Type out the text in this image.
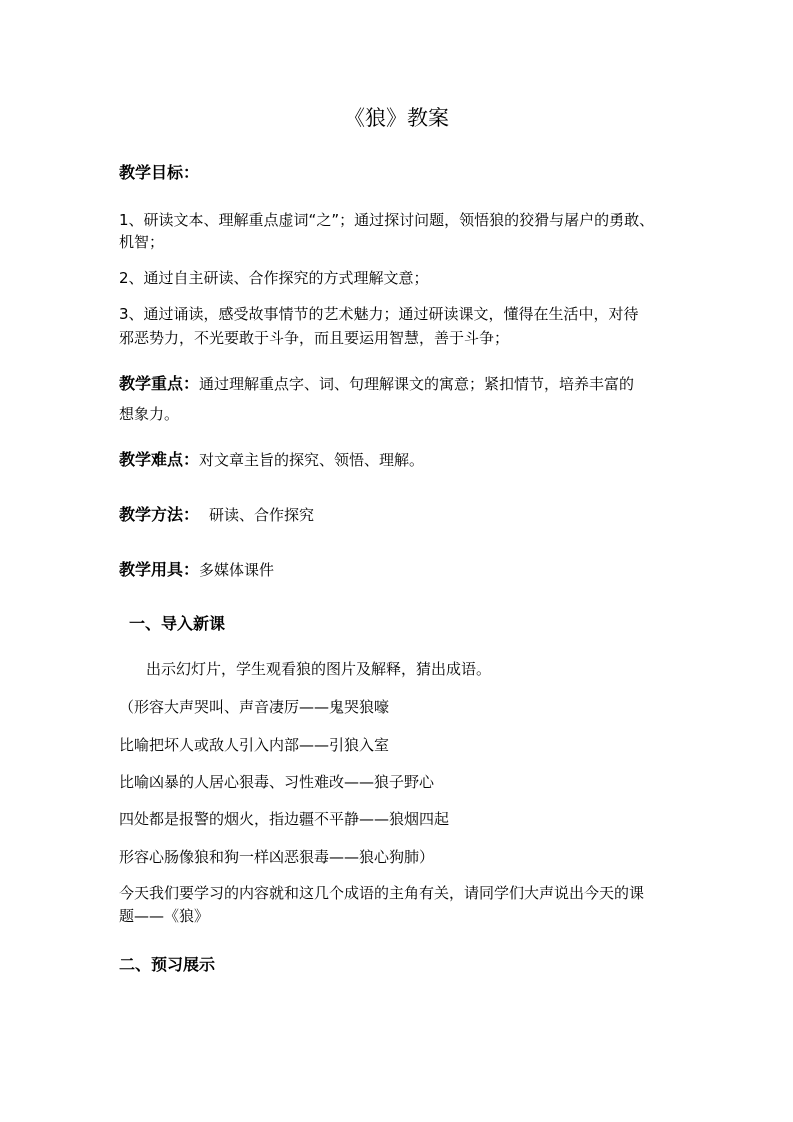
《狼》教案
教学目标：
1、研读文本、理解重点虚词“之”；通过探讨问题，领悟狼的狡猾与屠户的勇敢、
机智；
2、通过自主研读、合作探究的方式理解文意；
3、通过诵读，感受故事情节的艺术魅力；通过研读课文，懂得在生活中，对待
邪恶势力，不光要敢于斗争，而且要运用智慧，善于斗争；
教学重点：通过理解重点字、词、句理解课文的寓意；紧扣情节，培养丰富的
想象力。
教学难点：对文章主旨的探究、领悟、理解。
教学方法： 研读、合作探究
教学用具：多媒体课件
一、导入新课
出示幻灯片，学生观看狼的图片及解释，猜出成语。
（形容大声哭叫、声音凄厉——鬼哭狼嚎
比喻把坏人或敌人引入内部——引狼入室
比喻凶暴的人居心狠毒、习性难改——狼子野心
四处都是报警的烟火，指边疆不平静——狼烟四起
形容心肠像狼和狗一样凶恶狠毒——狼心狗肺）
今天我们要学习的内容就和这几个成语的主角有关，请同学们大声说出今天的课
题——《狼》
二、预习展示
